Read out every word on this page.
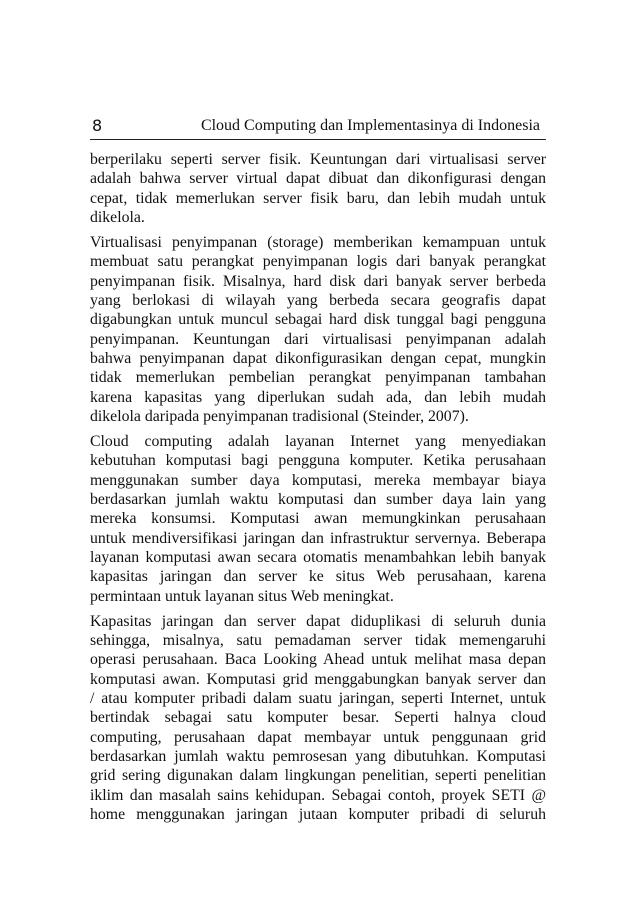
8	Cloud Computing dan Implementasinya di Indonesia

berperilaku seperti server fisik. Keuntungan dari virtualisasi server
adalah bahwa server virtual dapat dibuat dan dikonfigurasi dengan
cepat, tidak memerlukan server fisik baru, dan lebih mudah untuk
dikelola.

Virtualisasi penyimpanan (storage) memberikan kemampuan untuk
membuat satu perangkat penyimpanan logis dari banyak perangkat
penyimpanan fisik. Misalnya, hard disk dari banyak server berbeda
yang berlokasi di wilayah yang berbeda secara geografis dapat
digabungkan untuk muncul sebagai hard disk tunggal bagi pengguna
penyimpanan. Keuntungan dari virtualisasi penyimpanan adalah
bahwa penyimpanan dapat dikonfigurasikan dengan cepat, mungkin
tidak memerlukan pembelian perangkat penyimpanan tambahan
karena kapasitas yang diperlukan sudah ada, dan lebih mudah
dikelola daripada penyimpanan tradisional (Steinder, 2007).

Cloud computing adalah layanan Internet yang menyediakan
kebutuhan komputasi bagi pengguna komputer. Ketika perusahaan
menggunakan sumber daya komputasi, mereka membayar biaya
berdasarkan jumlah waktu komputasi dan sumber daya lain yang
mereka konsumsi. Komputasi awan memungkinkan perusahaan
untuk mendiversifikasi jaringan dan infrastruktur servernya. Beberapa
layanan komputasi awan secara otomatis menambahkan lebih banyak
kapasitas jaringan dan server ke situs Web perusahaan, karena
permintaan untuk layanan situs Web meningkat.

Kapasitas jaringan dan server dapat diduplikasi di seluruh dunia
sehingga, misalnya, satu pemadaman server tidak memengaruhi
operasi perusahaan. Baca Looking Ahead untuk melihat masa depan
komputasi awan. Komputasi grid menggabungkan banyak server dan
/ atau komputer pribadi dalam suatu jaringan, seperti Internet, untuk
bertindak sebagai satu komputer besar. Seperti halnya cloud
computing, perusahaan dapat membayar untuk penggunaan grid
berdasarkan jumlah waktu pemrosesan yang dibutuhkan. Komputasi
grid sering digunakan dalam lingkungan penelitian, seperti penelitian
iklim dan masalah sains kehidupan. Sebagai contoh, proyek SETI @
home menggunakan jaringan jutaan komputer pribadi di seluruh
